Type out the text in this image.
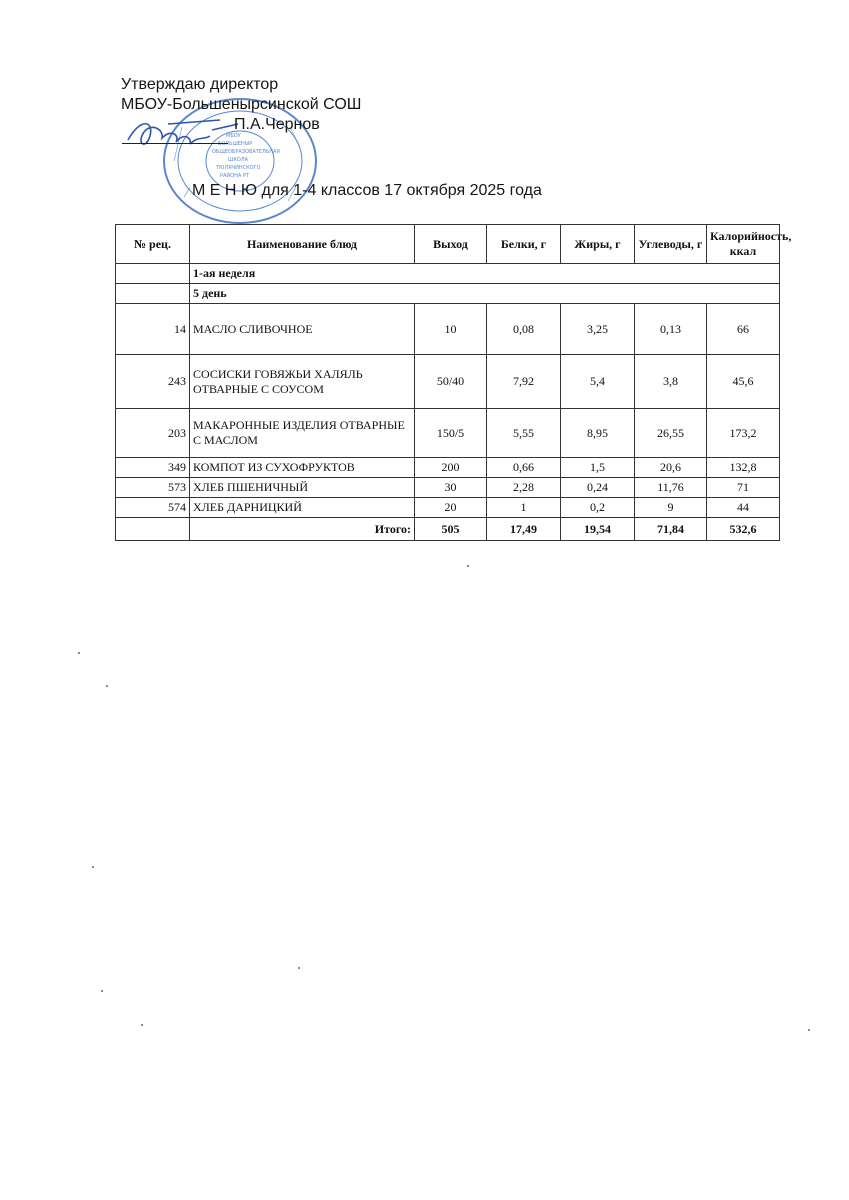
МБОУ
БОЛЬШЕНЫР
ОБЩЕОБРАЗОВАТЕЛЬНАЯ
ШКОЛА
ТЮЛЯЧИНСКОГО
РАЙОНА РТ
Утверждаю директор
МБОУ-Большенырсинской СОШ
П.А.Чернов
М Е Н Ю для 1-4 классов 17 октября 2025 года
№ рец.	Наименование блюд	Выход	Белки, г	Жиры, г	Углеводы, г	Калорийность, ккал
	1-ая неделя					
	5 день					
14	МАСЛО СЛИВОЧНОЕ	10	0,08	3,25	0,13	66
243	СОСИСКИ ГОВЯЖЬИ ХАЛЯЛЬ ОТВАРНЫЕ С СОУСОМ	50/40	7,92	5,4	3,8	45,6
203	МАКАРОННЫЕ ИЗДЕЛИЯ ОТВАРНЫЕ С МАСЛОМ	150/5	5,55	8,95	26,55	173,2
349	КОМПОТ ИЗ СУХОФРУКТОВ	200	0,66	1,5	20,6	132,8
573	ХЛЕБ ПШЕНИЧНЫЙ	30	2,28	0,24	11,76	71
574	ХЛЕБ ДАРНИЦКИЙ	20	1	0,2	9	44
	Итого:	505	17,49	19,54	71,84	532,6
